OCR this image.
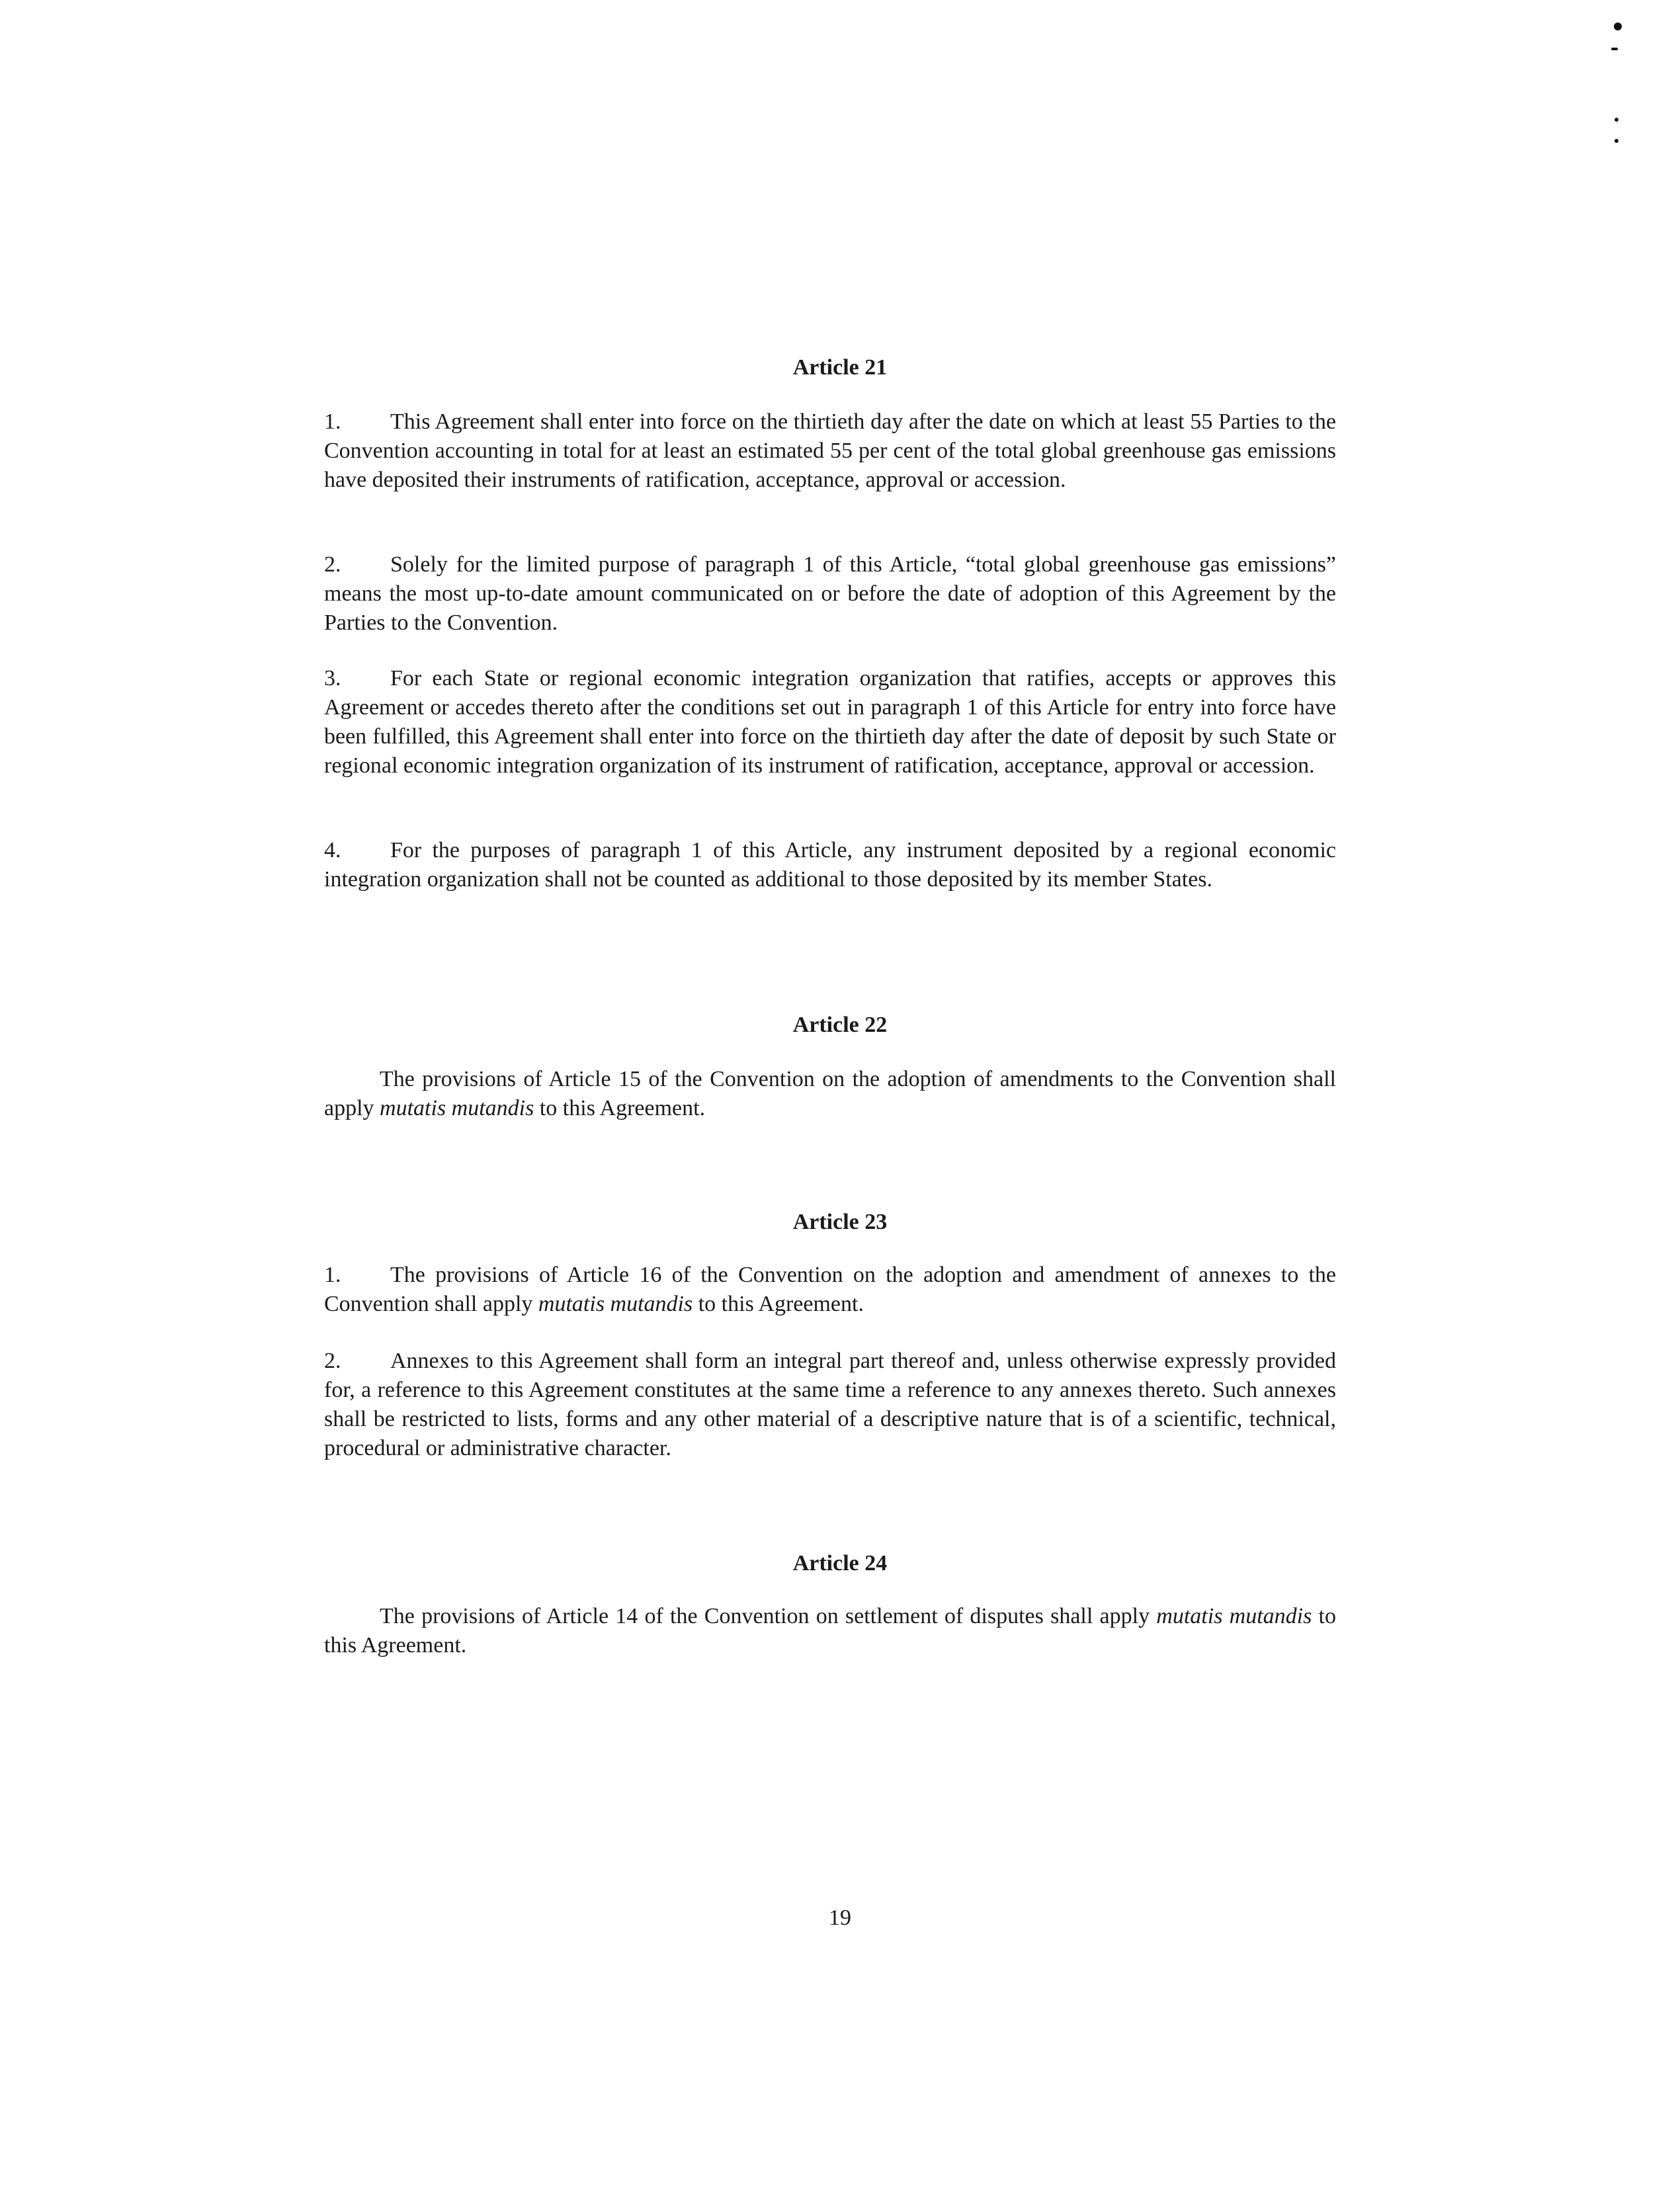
Article 21

1. This Agreement shall enter into force on the thirtieth day after the date on which at least 55 Parties to the Convention accounting in total for at least an estimated 55 per cent of the total global greenhouse gas emissions have deposited their instruments of ratification, acceptance, approval or accession.

2. Solely for the limited purpose of paragraph 1 of this Article, “total global greenhouse gas emissions” means the most up-to-date amount communicated on or before the date of adoption of this Agreement by the Parties to the Convention.

3. For each State or regional economic integration organization that ratifies, accepts or approves this Agreement or accedes thereto after the conditions set out in paragraph 1 of this Article for entry into force have been fulfilled, this Agreement shall enter into force on the thirtieth day after the date of deposit by such State or regional economic integration organization of its instrument of ratification, acceptance, approval or accession.

4. For the purposes of paragraph 1 of this Article, any instrument deposited by a regional economic integration organization shall not be counted as additional to those deposited by its member States.

Article 22

The provisions of Article 15 of the Convention on the adoption of amendments to the Convention shall apply mutatis mutandis to this Agreement.

Article 23

1. The provisions of Article 16 of the Convention on the adoption and amendment of annexes to the Convention shall apply mutatis mutandis to this Agreement.

2. Annexes to this Agreement shall form an integral part thereof and, unless otherwise expressly provided for, a reference to this Agreement constitutes at the same time a reference to any annexes thereto. Such annexes shall be restricted to lists, forms and any other material of a descriptive nature that is of a scientific, technical, procedural or administrative character.

Article 24

The provisions of Article 14 of the Convention on settlement of disputes shall apply mutatis mutandis to this Agreement.

19
